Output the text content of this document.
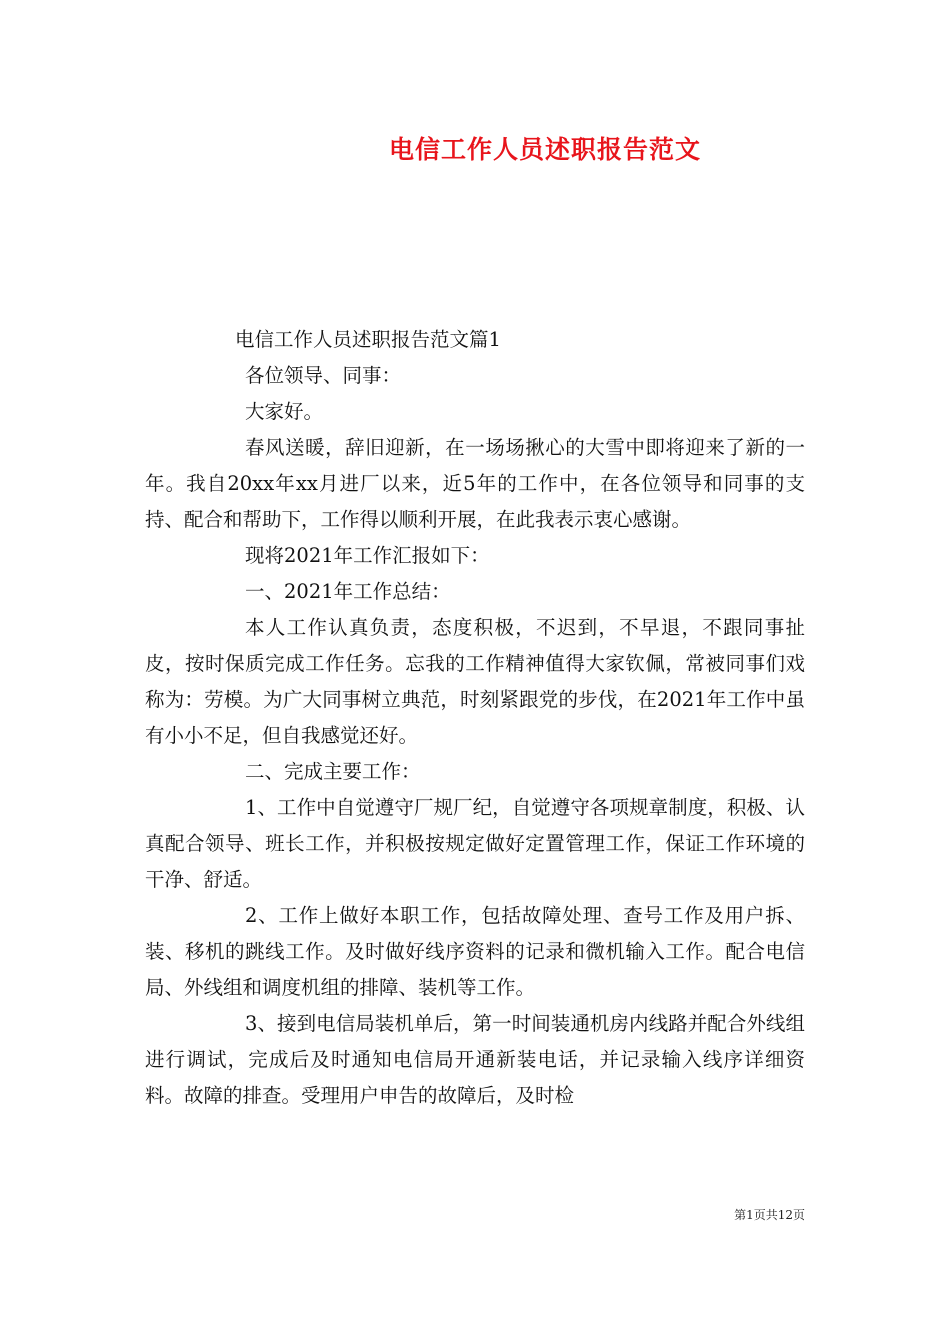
电信工作人员述职报告范文

电信工作人员述职报告范文篇1

各位领导、同事：

大家好。

春风送暖，辞旧迎新，在一场场揪心的大雪中即将迎来了新的一年。我自20xx年xx月进厂以来，近5年的工作中，在各位领导和同事的支持、配合和帮助下，工作得以顺利开展，在此我表示衷心感谢。

现将2021年工作汇报如下：

一、2021年工作总结：

本人工作认真负责，态度积极，不迟到，不早退，不跟同事扯皮，按时保质完成工作任务。忘我的工作精神值得大家钦佩，常被同事们戏称为：劳模。为广大同事树立典范，时刻紧跟党的步伐，在2021年工作中虽有小小不足，但自我感觉还好。

二、完成主要工作：

1、工作中自觉遵守厂规厂纪，自觉遵守各项规章制度，积极、认真配合领导、班长工作，并积极按规定做好定置管理工作，保证工作环境的干净、舒适。

2、工作上做好本职工作，包括故障处理、查号工作及用户拆、装、移机的跳线工作。及时做好线序资料的记录和微机输入工作。配合电信局、外线组和调度机组的排障、装机等工作。

3、接到电信局装机单后，第一时间装通机房内线路并配合外线组进行调试，完成后及时通知电信局开通新装电话，并记录输入线序详细资料。故障的排查。受理用户申告的故障后，及时检

第1页共12页
